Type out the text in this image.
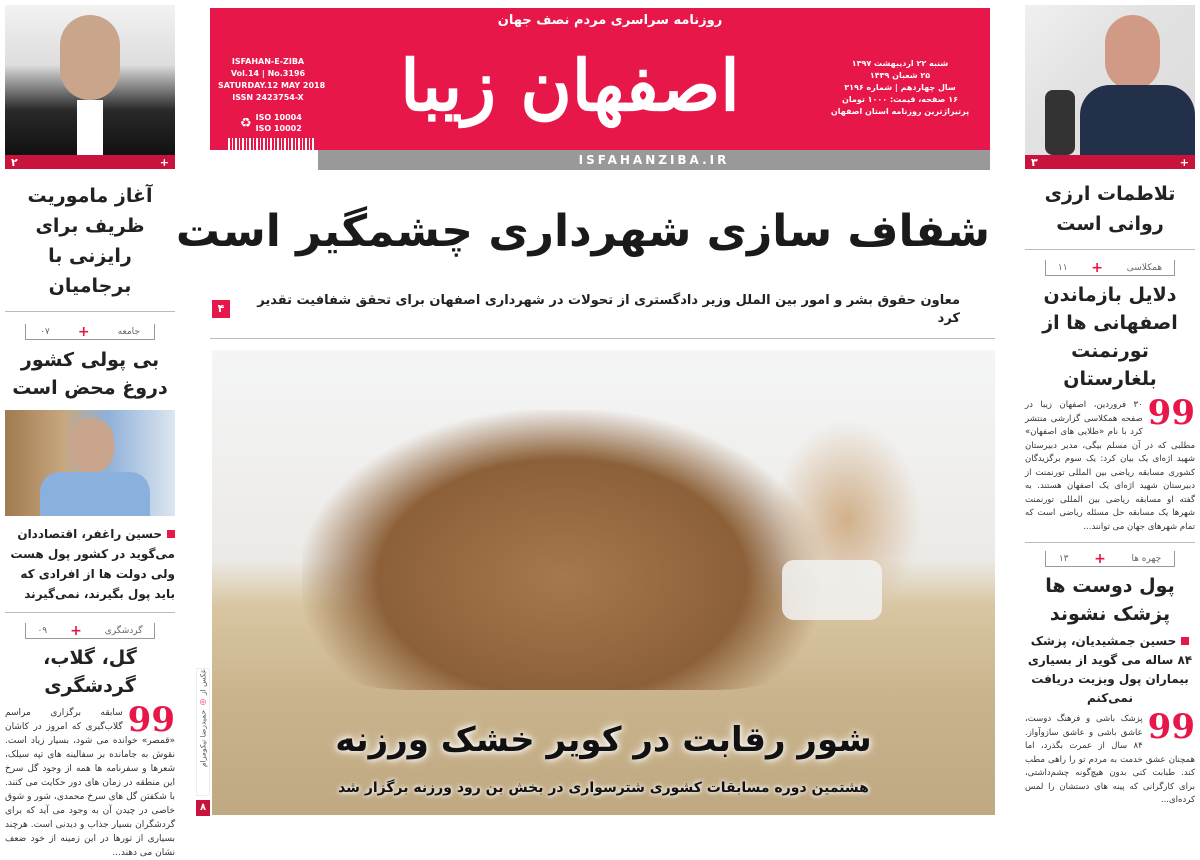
۲	+
آغاز ماموریت ظریف برای رایزنی با برجامیان
جامعه
+
۰۷
بی پولی کشور دروغ محض است
حسین راغفر، اقتصاددان می‌گوید در کشور پول هست ولی دولت ها از افرادی که باید پول بگیرند، نمی‌گیرند
گردشگری
+
۰۹
گل، گلاب، گردشگری
99
سابقه برگزاری مراسم گلاب‌گیری که امروز در کاشان «قمصر» خوانده می شود، بسیار زیاد است. نقوش به جامانده بر سفالینه های تپه سیلک، شعرها و سفرنامه ها همه از وجود گل سرخ این منطقه در زمان های دور حکایت می کنند. با شکفتن گل های سرخ محمدی، شور و شوق خاصی در چیدن آن به وجود می آید که برای گردشگران بسیار جذاب و دیدنی است. هرچند بسیاری از تورها در این زمینه از خود ضعف نشان می دهند...
روزنامه سراسری مردم نصف جهان
اصفهان زیبا
ISFAHAN-E-ZIBA
Vol.14 | No.3196
SATURDAY.12 MAY 2018
ISSN 2423754-X
♻ ISO 10004
ISO 10002
شنبه ۲۲ اردیبهشت ۱۳۹۷
۲۵ شعبان ۱۴۳۹
سال چهاردهم | شماره ۳۱۹۶
۱۶ صفحه، قیمت: ۱۰۰۰ تومان
پرتیراژترین روزنامه استان اصفهان
ISFAHANZIBA.IR
شفاف سازی شهرداری چشمگیر است
معاون حقوق بشر و امور بین الملل وزیر دادگستری از تحولات در شهرداری اصفهان برای تحقق شفافیت تقدیر کرد
۴
شور رقابت در کویر خشک ورزنه
هشتمین دوره مسابقات کشوری شترسواری در بخش بن رود ورزنه برگزار شد
عکس از
◎
حمیدرضا نیکومرام
۸
۳	+
تلاطمات ارزی روانی است
همکلاسی
+
۱۱
دلایل بازماندن اصفهانی ها از تورنمنت بلغارستان
99
۳۰ فروردین، اصفهان زیبا در صفحه همکلاسی گزارشی منتشر کرد با نام «طلایی های اصفهان» مطلبی که در آن مسلم بیگی، مدیر دبیرستان شهید اژه‌ای یک بیان کرد: یک سوم برگزیدگان کشوری مسابقه ریاضی بین المللی تورنمنت از دبیرستان شهید اژه‌ای یک اصفهان هستند. به گفته او مسابقه ریاضی بین المللی تورنمنت شهرها یک مسابقه حل مسئله ریاضی است که تمام شهرهای جهان می توانند...
چهره ها
+
۱۳
پول دوست ها پزشک نشوند
حسین جمشیدیان، پزشک ۸۴ ساله می گوید از بسیاری بیماران پول ویزیت دریافت نمی‌کنم
99
پزشک باشی و فرهنگ دوست، عاشق باشی و عاشق سازوآواز. ۸۴ سال از عمرت بگذرد، اما همچنان عشق خدمت به مردم تو را راهی مطب کند. طبابت کنی بدون هیچ‌گونه چشم‌داشتی، برای کارگرانی که پینه های دستشان را لمس کرده‌ای...
